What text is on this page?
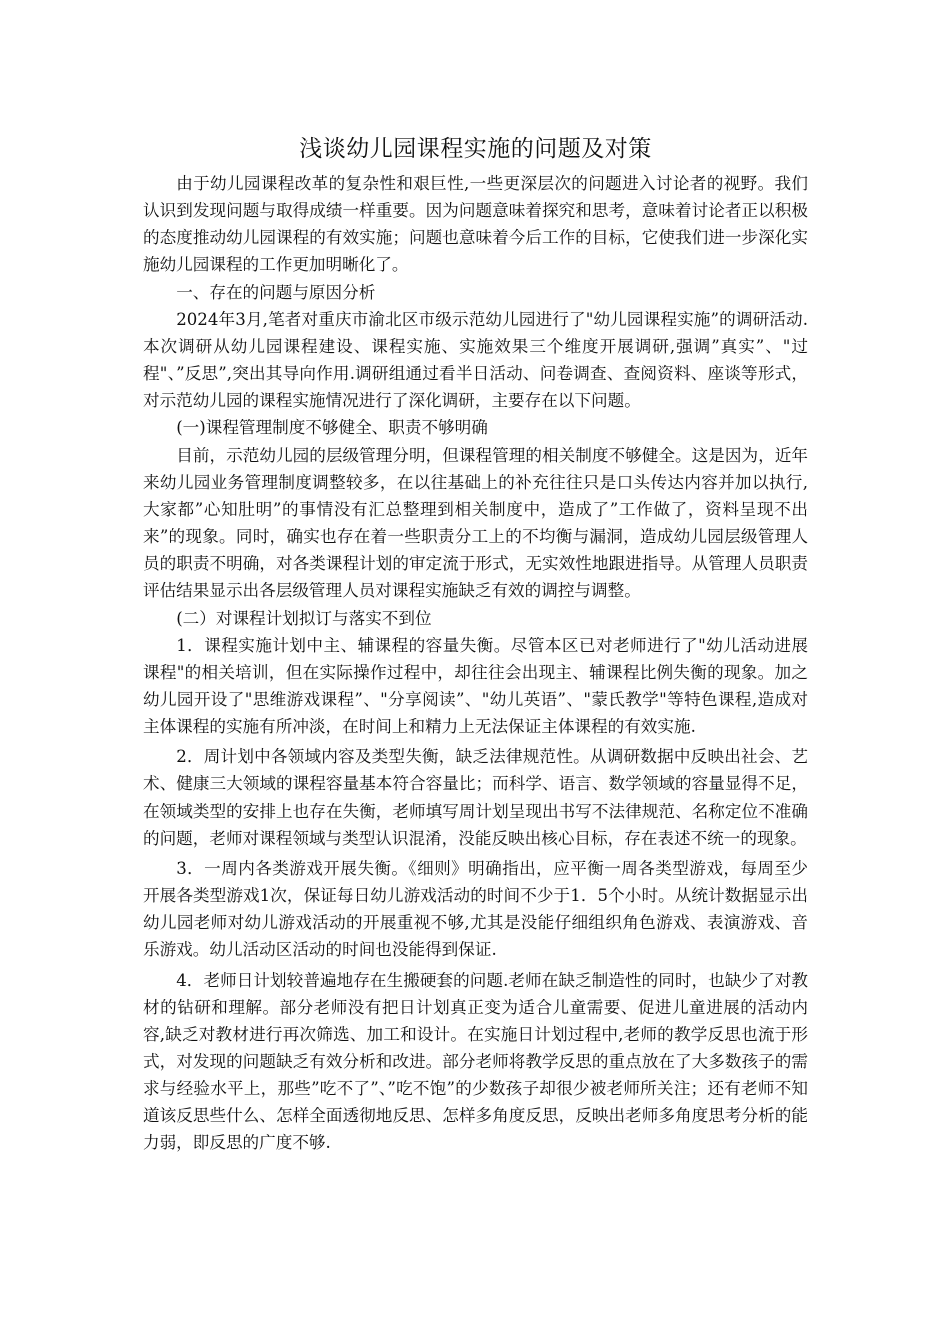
浅谈幼儿园课程实施的问题及对策

由于幼儿园课程改革的复杂性和艰巨性,一些更深层次的问题进入讨论者的视野。我们认识到发现问题与取得成绩一样重要。因为问题意味着探究和思考，意味着讨论者正以积极的态度推动幼儿园课程的有效实施；问题也意味着今后工作的目标，它使我们进一步深化实施幼儿园课程的工作更加明晰化了。

一、存在的问题与原因分析

2024年3月,笔者对重庆市渝北区市级示范幼儿园进行了"幼儿园课程实施”的调研活动.本次调研从幼儿园课程建设、课程实施、实施效果三个维度开展调研,强调”真实”、"过程"、”反思”,突出其导向作用.调研组通过看半日活动、问卷调查、查阅资料、座谈等形式，对示范幼儿园的课程实施情况进行了深化调研，主要存在以下问题。

(一)课程管理制度不够健全、职责不够明确

目前，示范幼儿园的层级管理分明，但课程管理的相关制度不够健全。这是因为，近年来幼儿园业务管理制度调整较多，在以往基础上的补充往往只是口头传达内容并加以执行,大家都”心知肚明”的事情没有汇总整理到相关制度中，造成了”工作做了，资料呈现不出来”的现象。同时，确实也存在着一些职责分工上的不均衡与漏洞，造成幼儿园层级管理人员的职责不明确，对各类课程计划的审定流于形式，无实效性地跟进指导。从管理人员职责评估结果显示出各层级管理人员对课程实施缺乏有效的调控与调整。

(二）对课程计划拟订与落实不到位

1．课程实施计划中主、辅课程的容量失衡。尽管本区已对老师进行了"幼儿活动进展课程"的相关培训，但在实际操作过程中，却往往会出现主、辅课程比例失衡的现象。加之幼儿园开设了"思维游戏课程”、"分享阅读”、"幼儿英语”、"蒙氏教学"等特色课程,造成对主体课程的实施有所冲淡，在时间上和精力上无法保证主体课程的有效实施.

2．周计划中各领域内容及类型失衡，缺乏法律规范性。从调研数据中反映出社会、艺术、健康三大领域的课程容量基本符合容量比；而科学、语言、数学领域的容量显得不足，在领域类型的安排上也存在失衡，老师填写周计划呈现出书写不法律规范、名称定位不准确的问题，老师对课程领域与类型认识混淆，没能反映出核心目标，存在表述不统一的现象。

3．一周内各类游戏开展失衡。《细则》明确指出，应平衡一周各类型游戏，每周至少开展各类型游戏1次，保证每日幼儿游戏活动的时间不少于1．5个小时。从统计数据显示出幼儿园老师对幼儿游戏活动的开展重视不够,尤其是没能仔细组织角色游戏、表演游戏、音乐游戏。幼儿活动区活动的时间也没能得到保证.

4．老师日计划较普遍地存在生搬硬套的问题.老师在缺乏制造性的同时，也缺少了对教材的钻研和理解。部分老师没有把日计划真正变为适合儿童需要、促进儿童进展的活动内容,缺乏对教材进行再次筛选、加工和设计。在实施日计划过程中,老师的教学反思也流于形式，对发现的问题缺乏有效分析和改进。部分老师将教学反思的重点放在了大多数孩子的需求与经验水平上，那些”吃不了”、”吃不饱”的少数孩子却很少被老师所关注；还有老师不知道该反思些什么、怎样全面透彻地反思、怎样多角度反思，反映出老师多角度思考分析的能力弱，即反思的广度不够.
